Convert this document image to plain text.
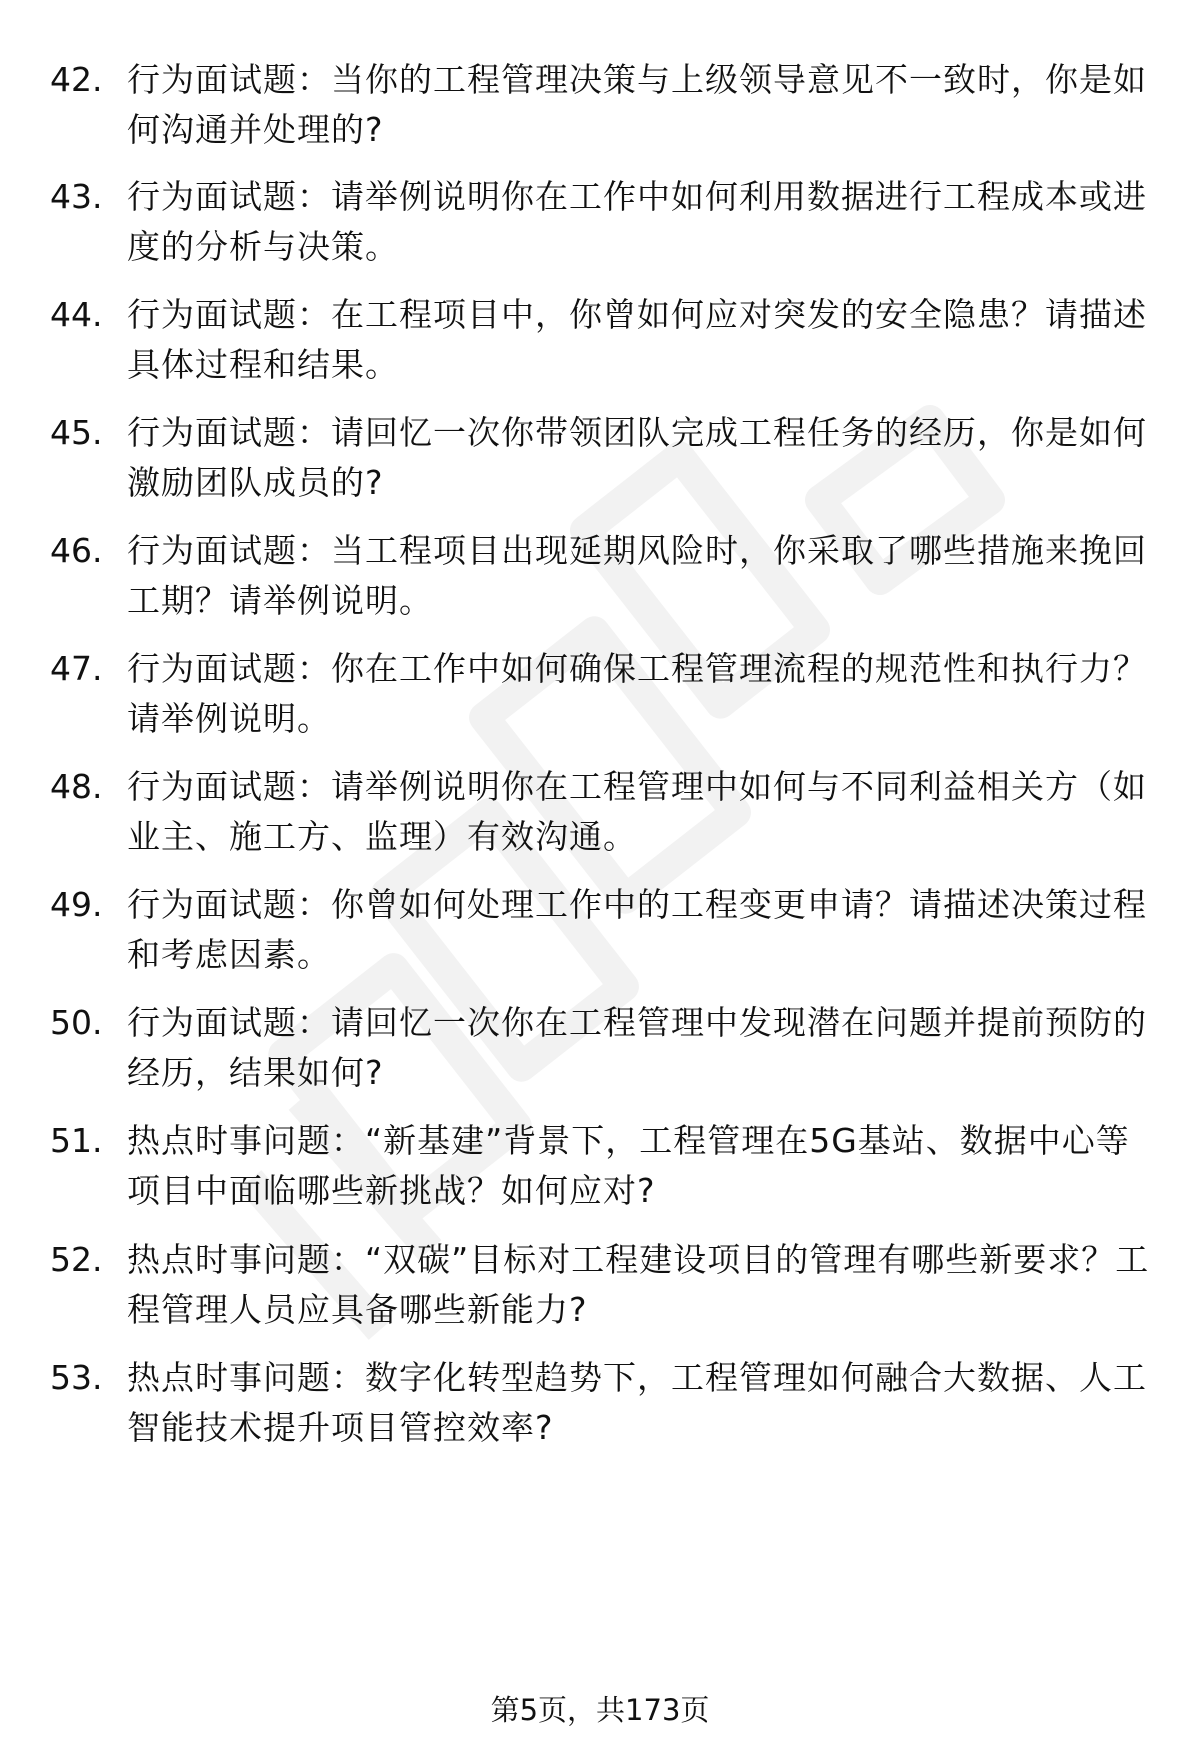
42. 行为面试题：当你的工程管理决策与上级领导意见不一致时，你是如何沟通并处理的?
43. 行为面试题：请举例说明你在工作中如何利用数据进行工程成本或进度的分析与决策。
44. 行为面试题：在工程项目中，你曾如何应对突发的安全隐患？请描述具体过程和结果。
45. 行为面试题：请回忆一次你带领团队完成工程任务的经历，你是如何激励团队成员的?
46. 行为面试题：当工程项目出现延期风险时，你采取了哪些措施来挽回工期？请举例说明。
47. 行为面试题：你在工作中如何确保工程管理流程的规范性和执行力？请举例说明。
48. 行为面试题：请举例说明你在工程管理中如何与不同利益相关方（如业主、施工方、监理）有效沟通。
49. 行为面试题：你曾如何处理工作中的工程变更申请？请描述决策过程和考虑因素。
50. 行为面试题：请回忆一次你在工程管理中发现潜在问题并提前预防的经历，结果如何?
51. 热点时事问题：“新基建”背景下，工程管理在5G基站、数据中心等项目中面临哪些新挑战？如何应对?
52. 热点时事问题：“双碳”目标对工程建设项目的管理有哪些新要求？工程管理人员应具备哪些新能力?
53. 热点时事问题：数字化转型趋势下，工程管理如何融合大数据、人工智能技术提升项目管控效率?
第5页，共173页
